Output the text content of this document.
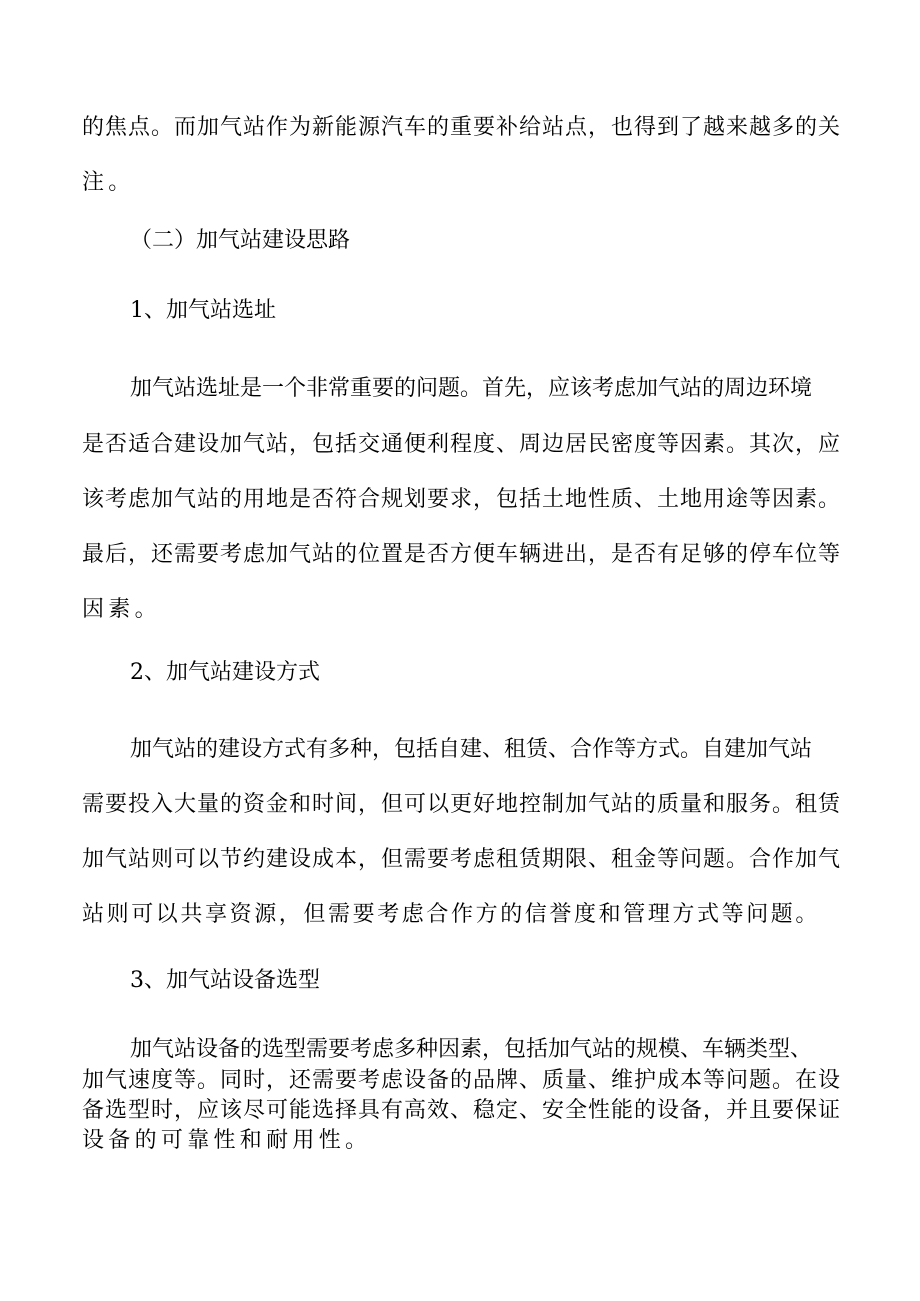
的焦点。而加气站作为新能源汽车的重要补给站点，也得到了越来越多的关
注。
（二）加气站建设思路
1、加气站选址
加气站选址是一个非常重要的问题。首先，应该考虑加气站的周边环境
是否适合建设加气站，包括交通便利程度、周边居民密度等因素。其次，应
该考虑加气站的用地是否符合规划要求，包括土地性质、土地用途等因素。
最后，还需要考虑加气站的位置是否方便车辆进出，是否有足够的停车位等
因素。
2、加气站建设方式
加气站的建设方式有多种，包括自建、租赁、合作等方式。自建加气站
需要投入大量的资金和时间，但可以更好地控制加气站的质量和服务。租赁
加气站则可以节约建设成本，但需要考虑租赁期限、租金等问题。合作加气
站则可以共享资源，但需要考虑合作方的信誉度和管理方式等问题。
3、加气站设备选型
加气站设备的选型需要考虑多种因素，包括加气站的规模、车辆类型、
加气速度等。同时，还需要考虑设备的品牌、质量、维护成本等问题。在设
备选型时，应该尽可能选择具有高效、稳定、安全性能的设备，并且要保证
设备的可靠性和耐用性。
